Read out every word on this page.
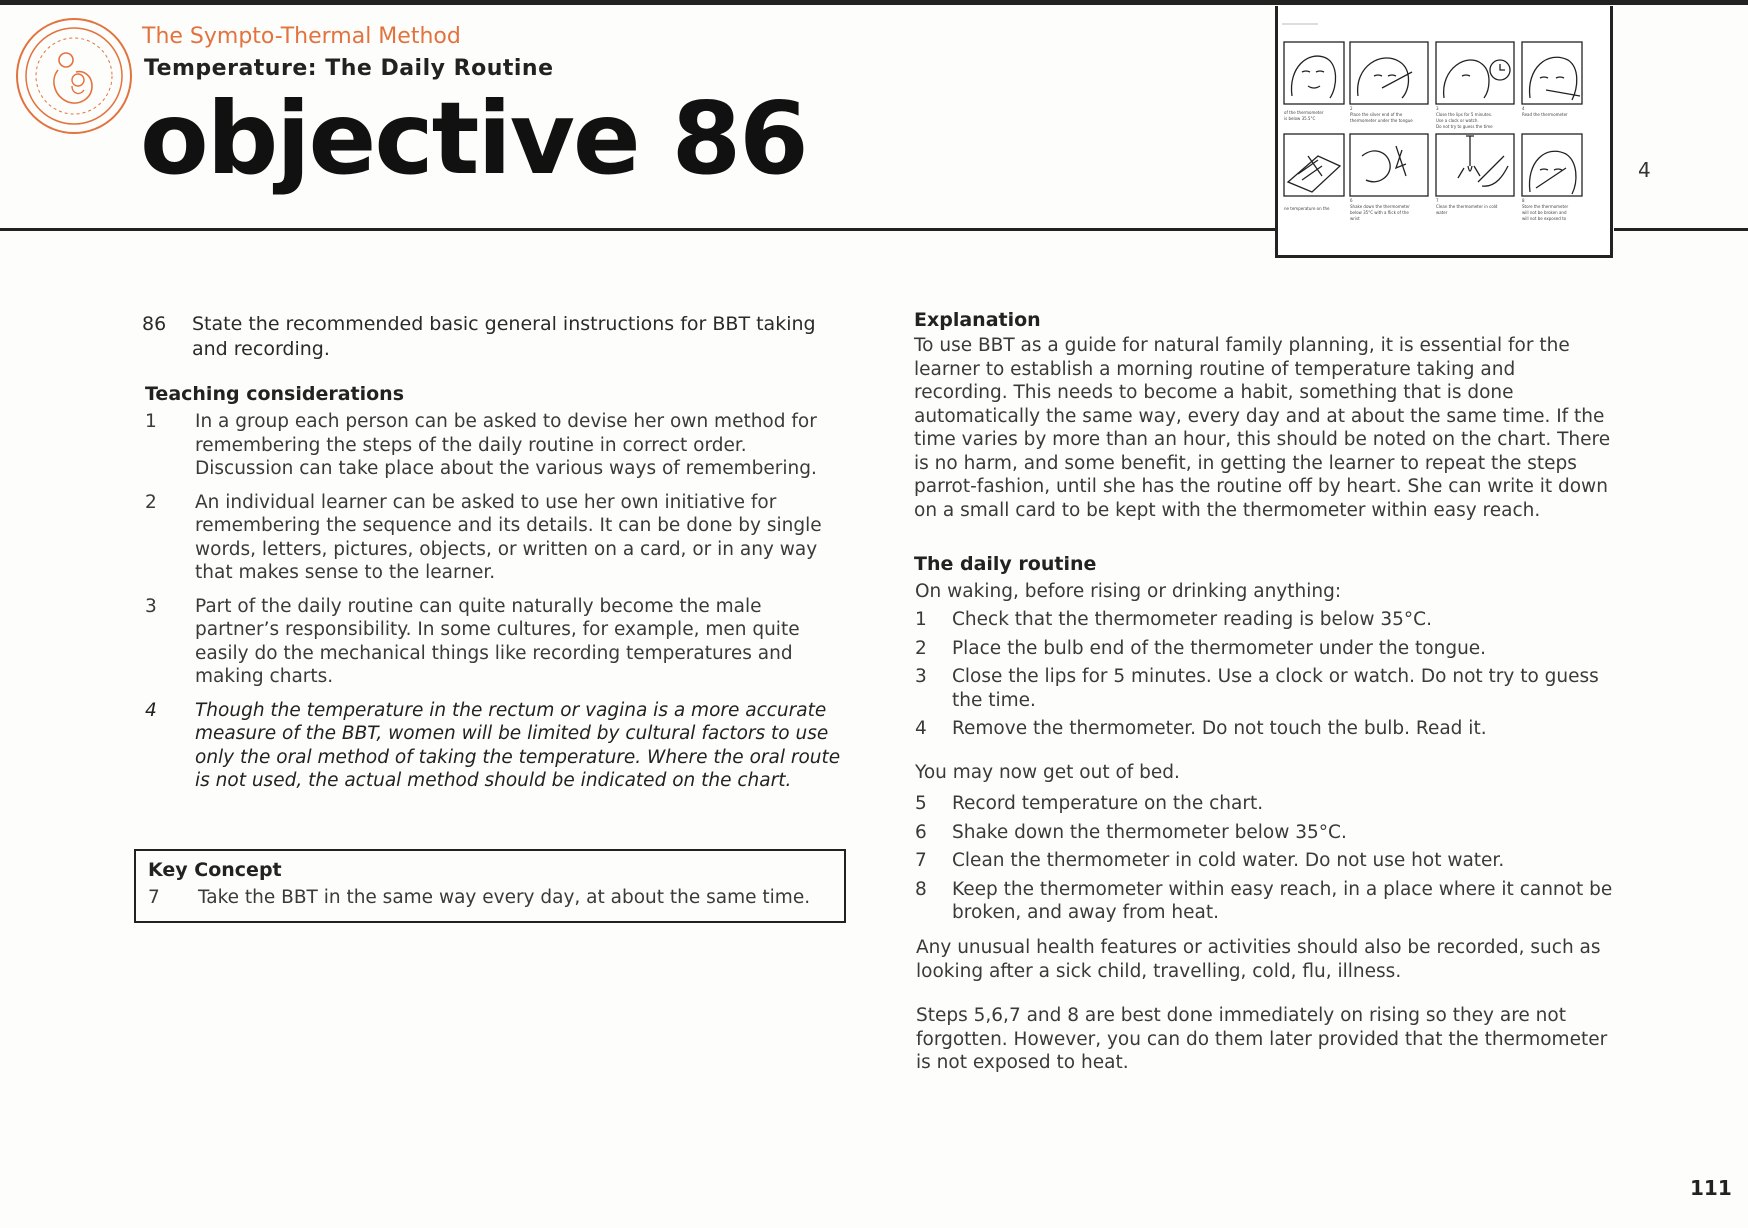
The Sympto-Thermal Method
Temperature: The Daily Routine
objective 86	of the thermometer
is below 35.5°C
2
Place the silver end of the
thermometer under the tongue
3
Close the lips for 5 minutes.
Use a clock or watch.
Do not try to guess the time
4
Read the thermometer
ne temperature on the
6
Shake down the thermometer
below 35°C with a flick of the
wrist
7
Clean the thermometer in cold
water
8
Store the thermometer
will not be broken and
will not be exposed to
4
86 State the recommended basic general instructions for BBT taking and recording.
Teaching considerations
1 In a group each person can be asked to devise her own method for remembering the steps of the daily routine in correct order. Discussion can take place about the various ways of remembering.
2 An individual learner can be asked to use her own initiative for remembering the sequence and its details. It can be done by single words, letters, pictures, objects, or written on a card, or in any way that makes sense to the learner.
3 Part of the daily routine can quite naturally become the male partner’s responsibility. In some cultures, for example, men quite easily do the mechanical things like recording temperatures and making charts.
4 Though the temperature in the rectum or vagina is a more accurate measure of the BBT, women will be limited by cultural factors to use only the oral method of taking the temperature. Where the oral route is not used, the actual method should be indicated on the chart.
Key Concept
7 Take the BBT in the same way every day, at about the same time.
Explanation

To use BBT as a guide for natural family planning, it is essential for the learner to establish a morning routine of temperature taking and recording. This needs to become a habit, something that is done automatically the same way, every day and at about the same time. If the time varies by more than an hour, this should be noted on the chart. There is no harm, and some benefit, in getting the learner to repeat the steps parrot-fashion, until she has the routine off by heart. She can write it down on a small card to be kept with the thermometer within easy reach.

The daily routine
On waking, before rising or drinking anything:
1 Check that the thermometer reading is below 35°C.
2 Place the bulb end of the thermometer under the tongue.
3 Close the lips for 5 minutes. Use a clock or watch. Do not try to guess the time.
4 Remove the thermometer. Do not touch the bulb. Read it.
You may now get out of bed.
5 Record temperature on the chart.
6 Shake down the thermometer below 35°C.
7 Clean the thermometer in cold water. Do not use hot water.
8 Keep the thermometer within easy reach, in a place where it cannot be broken, and away from heat.

Any unusual health features or activities should also be recorded, such as looking after a sick child, travelling, cold, flu, illness.

Steps 5,6,7 and 8 are best done immediately on rising so they are not forgotten. However, you can do them later provided that the thermometer is not exposed to heat.

111
